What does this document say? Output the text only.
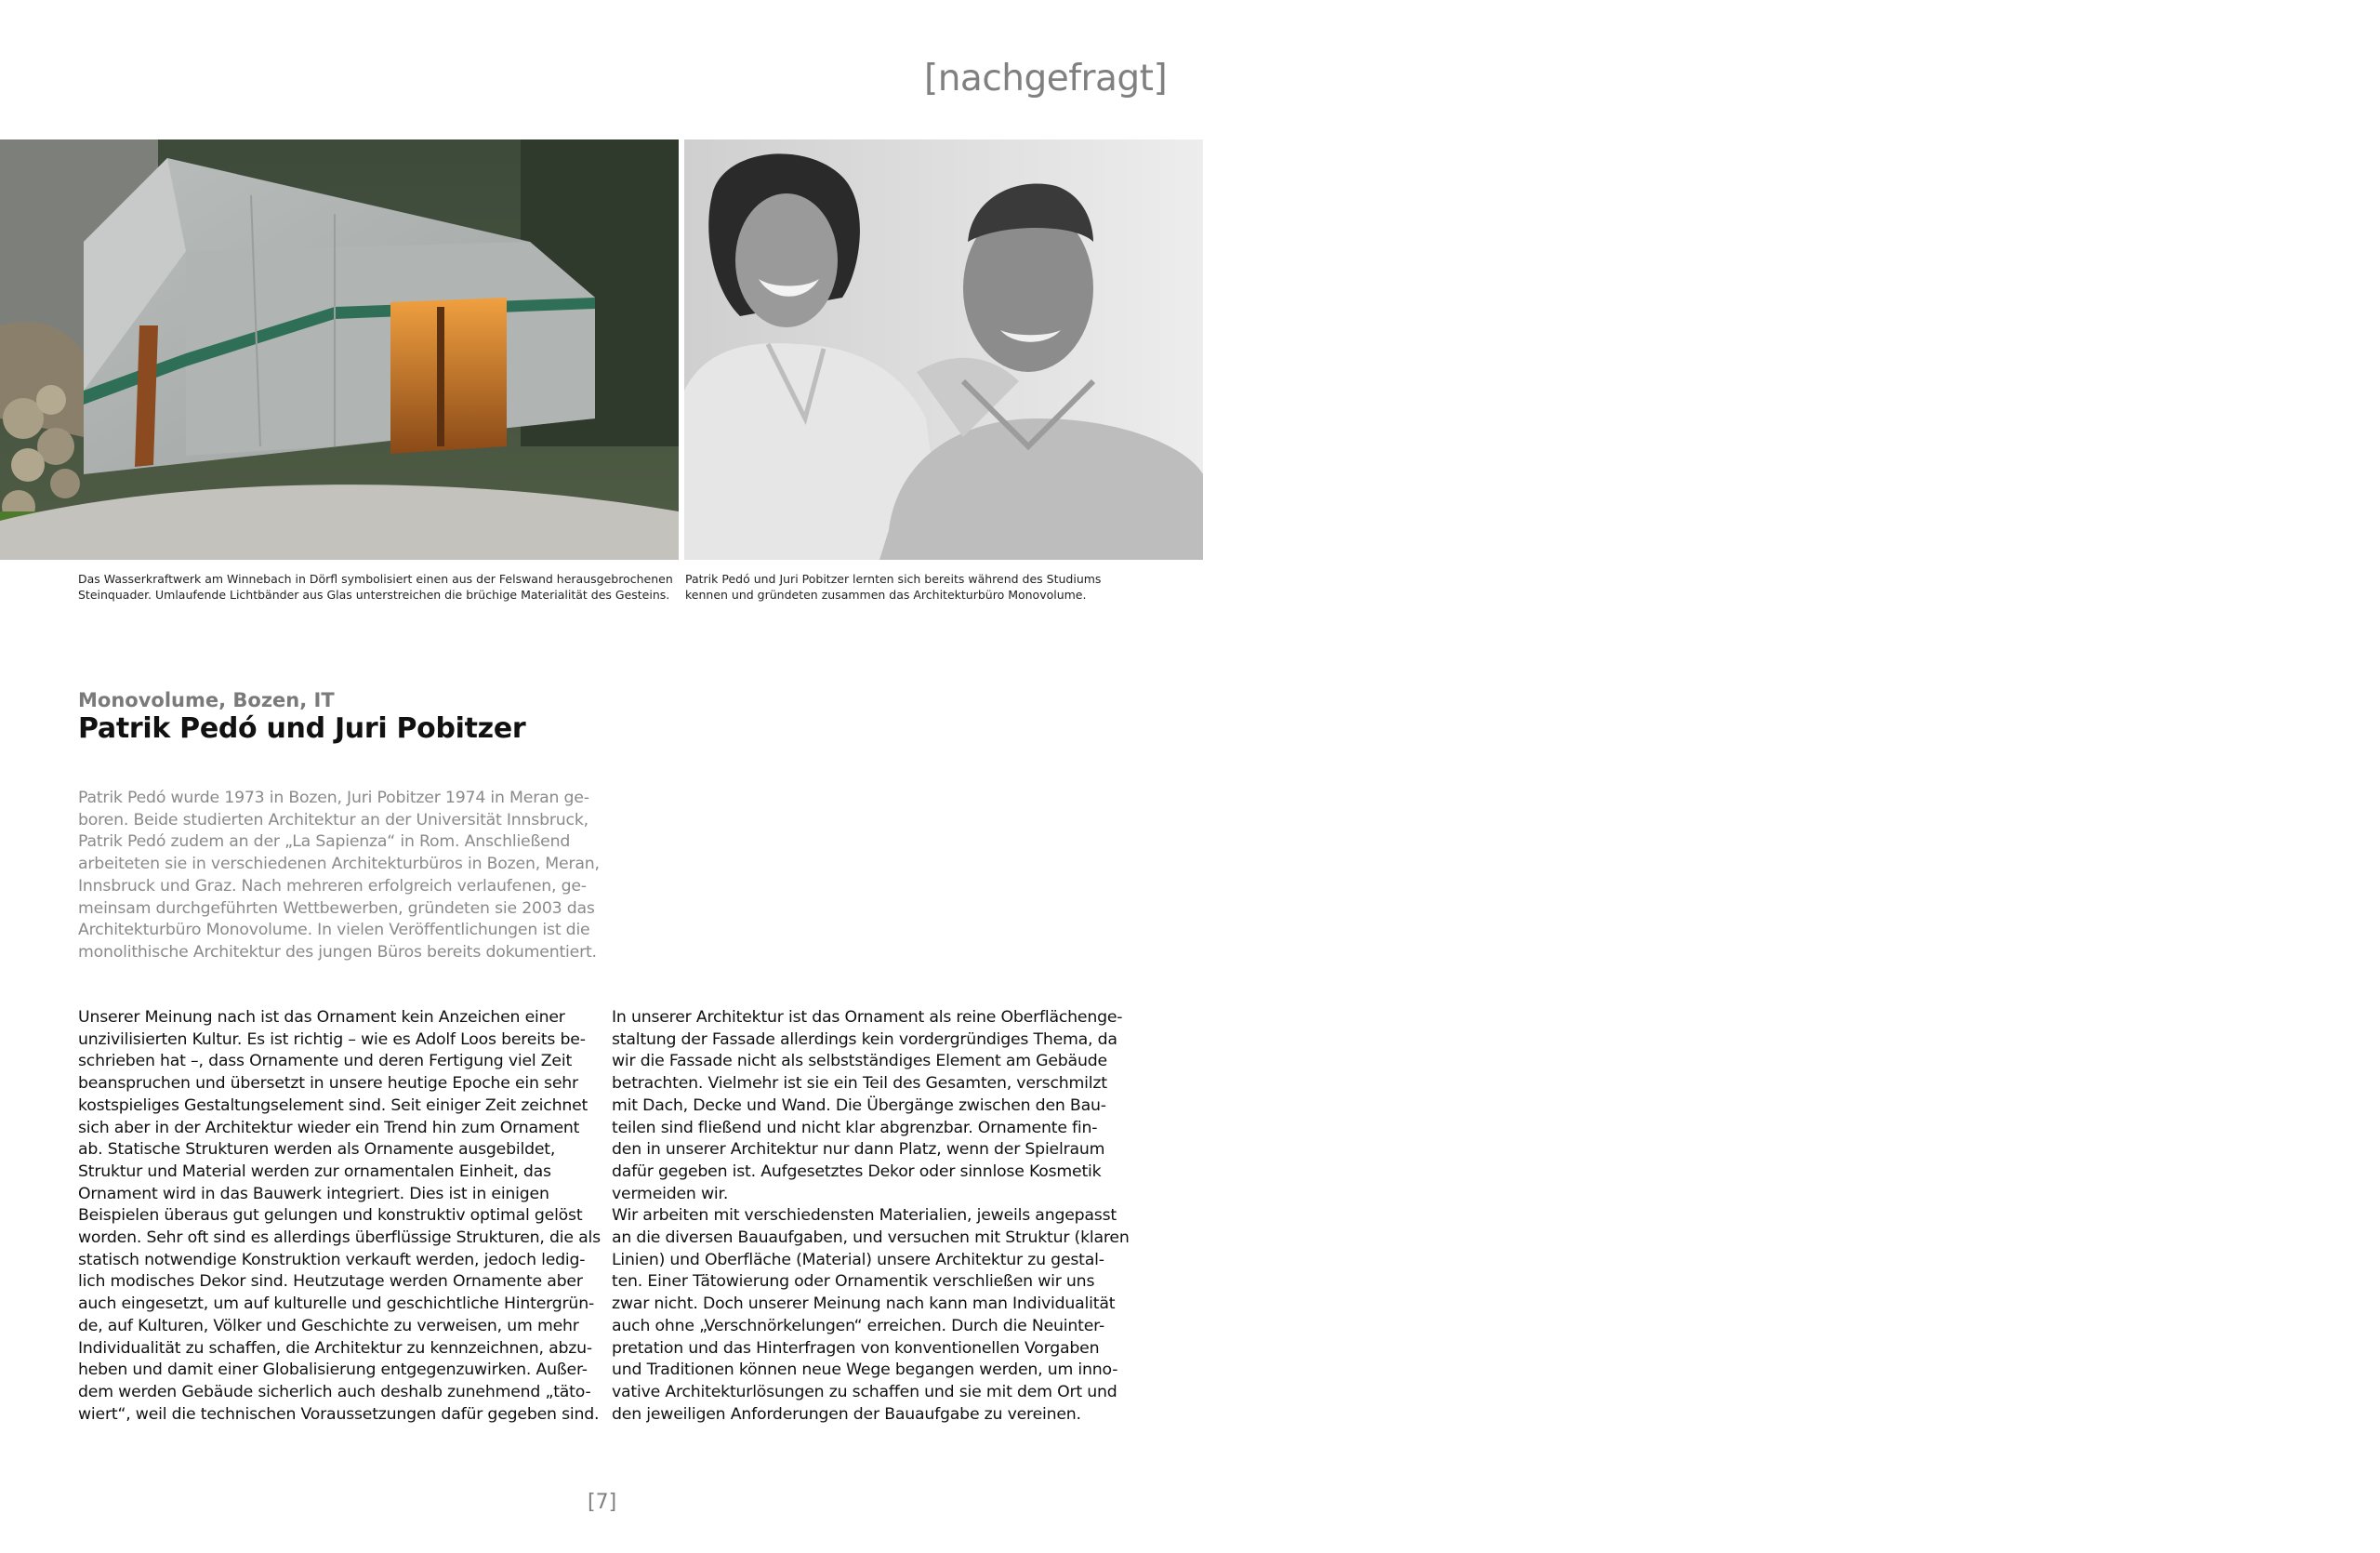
[nachgefragt]
Das Wasserkraftwerk am Winnebach in Dörfl symbolisiert einen aus der Felswand herausgebrochenen
Steinquader. Umlaufende Lichtbänder aus Glas unterstreichen die brüchige Materialität des Gesteins.
Patrik Pedó und Juri Pobitzer lernten sich bereits während des Studiums
kennen und gründeten zusammen das Architekturbüro Monovolume.
Monovolume, Bozen, IT
Patrik Pedó und Juri Pobitzer
Patrik Pedó wurde 1973 in Bozen, Juri Pobitzer 1974 in Meran ge-
boren. Beide studierten Architektur an der Universität Innsbruck,
Patrik Pedó zudem an der „La Sapienza“ in Rom. Anschließend
arbeiteten sie in verschiedenen Architekturbüros in Bozen, Meran,
Innsbruck und Graz. Nach mehreren erfolgreich verlaufenen, ge-
meinsam durchgeführten Wettbewerben, gründeten sie 2003 das
Architekturbüro Monovolume. In vielen Veröffentlichungen ist die
monolithische Architektur des jungen Büros bereits dokumentiert.
Unserer Meinung nach ist das Ornament kein Anzeichen einer
unzivilisierten Kultur. Es ist richtig – wie es Adolf Loos bereits be-
schrieben hat –, dass Ornamente und deren Fertigung viel Zeit
beanspruchen und übersetzt in unsere heutige Epoche ein sehr
kostspieliges Gestaltungselement sind. Seit einiger Zeit zeichnet
sich aber in der Architektur wieder ein Trend hin zum Ornament
ab. Statische Strukturen werden als Ornamente ausgebildet,
Struktur und Material werden zur ornamentalen Einheit, das
Ornament wird in das Bauwerk integriert. Dies ist in einigen
Beispielen überaus gut gelungen und konstruktiv optimal gelöst
worden. Sehr oft sind es allerdings überflüssige Strukturen, die als
statisch notwendige Konstruktion verkauft werden, jedoch ledig-
lich modisches Dekor sind. Heutzutage werden Ornamente aber
auch eingesetzt, um auf kulturelle und geschichtliche Hintergrün-
de, auf Kulturen, Völker und Geschichte zu verweisen, um mehr
Individualität zu schaffen, die Architektur zu kennzeichnen, abzu-
heben und damit einer Globalisierung entgegenzuwirken. Außer-
dem werden Gebäude sicherlich auch deshalb zunehmend „täto-
wiert“, weil die technischen Voraussetzungen dafür gegeben sind.
In unserer Architektur ist das Ornament als reine Oberflächenge-
staltung der Fassade allerdings kein vordergründiges Thema, da
wir die Fassade nicht als selbstständiges Element am Gebäude
betrachten. Vielmehr ist sie ein Teil des Gesamten, verschmilzt
mit Dach, Decke und Wand. Die Übergänge zwischen den Bau-
teilen sind fließend und nicht klar abgrenzbar. Ornamente fin-
den in unserer Architektur nur dann Platz, wenn der Spielraum
dafür gegeben ist. Aufgesetztes Dekor oder sinnlose Kosmetik
vermeiden wir.
Wir arbeiten mit verschiedensten Materialien, jeweils angepasst
an die diversen Bauaufgaben, und versuchen mit Struktur (klaren
Linien) und Oberfläche (Material) unsere Architektur zu gestal-
ten. Einer Tätowierung oder Ornamentik verschließen wir uns
zwar nicht. Doch unserer Meinung nach kann man Individualität
auch ohne „Verschnörkelungen“ erreichen. Durch die Neuinter-
pretation und das Hinterfragen von konventionellen Vorgaben
und Traditionen können neue Wege begangen werden, um inno-
vative Architekturlösungen zu schaffen und sie mit dem Ort und
den jeweiligen Anforderungen der Bauaufgabe zu vereinen.
[7]
